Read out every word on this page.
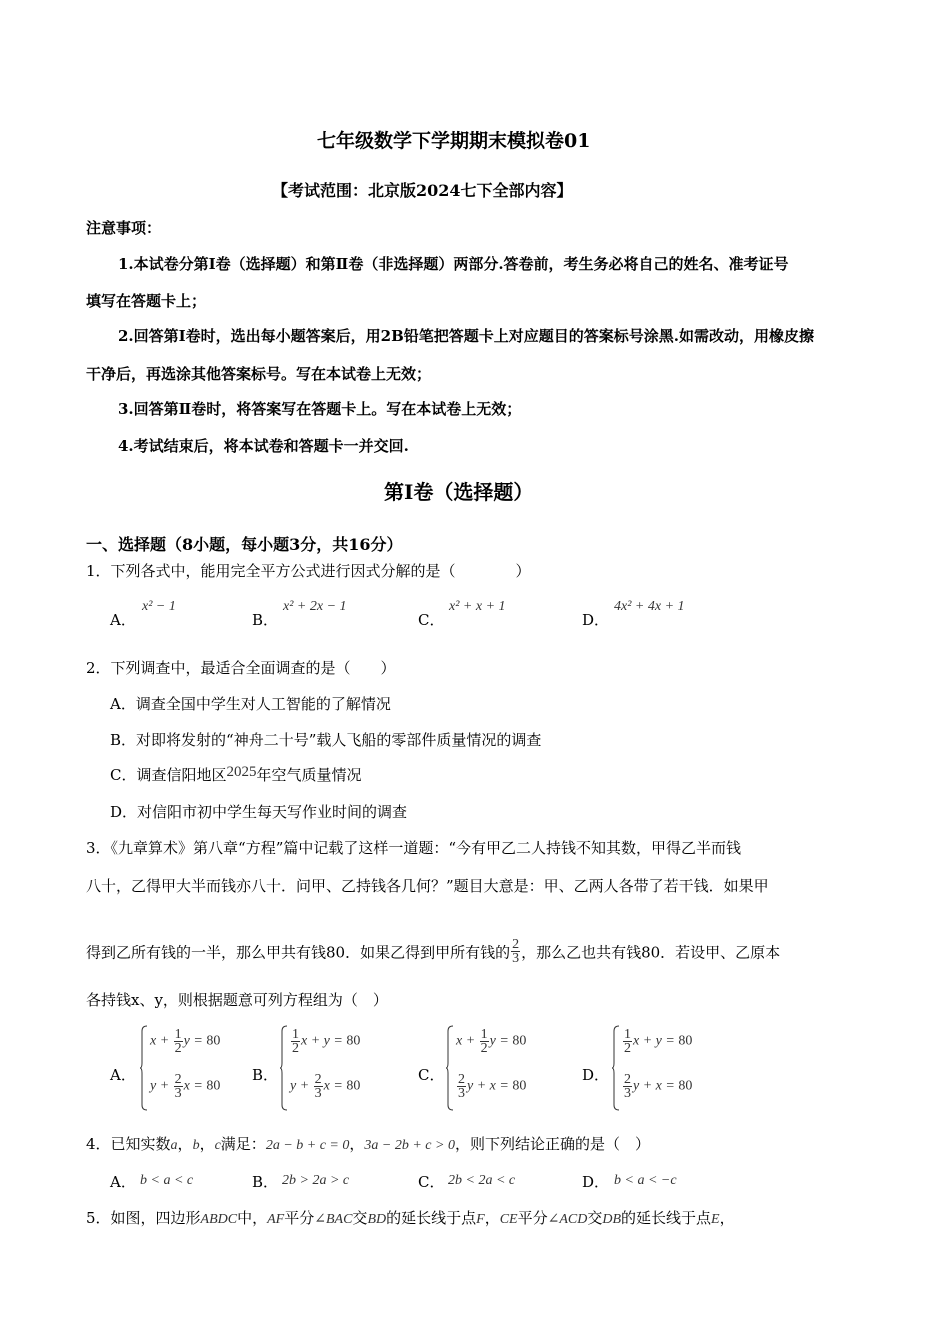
七年级数学下学期期末模拟卷01
【考试范围：北京版2024七下全部内容】
注意事项：
1.本试卷分第Ⅰ卷（选择题）和第Ⅱ卷（非选择题）两部分.答卷前，考生务必将自己的姓名、准考证号
填写在答题卡上；
2.回答第Ⅰ卷时，选出每小题答案后，用2B铅笔把答题卡上对应题目的答案标号涂黑.如需改动，用橡皮擦
干净后，再选涂其他答案标号。写在本试卷上无效；
3.回答第Ⅱ卷时，将答案写在答题卡上。写在本试卷上无效；
4.考试结束后，将本试卷和答题卡一并交回.
第Ⅰ卷（选择题）
一、选择题（8小题，每小题3分，共16分）
1．下列各式中，能用完全平方公式进行因式分解的是（　　　　）
A．
x² − 1
B．
x² + 2x − 1
C．
x² + x + 1
D．
4x² + 4x + 1
2．下列调查中，最适合全面调查的是（　　）
A．调查全国中学生对人工智能的了解情况
B．对即将发射的“神舟二十号”载人飞船的零部件质量情况的调查
C．调查信阳地区2025年空气质量情况
D．对信阳市初中学生每天写作业时间的调查
3．《九章算术》第八章“方程”篇中记载了这样一道题：“今有甲乙二人持钱不知其数，甲得乙半而钱
八十，乙得甲大半而钱亦八十．问甲、乙持钱各几何？”题目大意是：甲、乙两人各带了若干钱．如果甲
得到乙所有钱的一半，那么甲共有钱80．如果乙得到甲所有钱的 $\frac{2}{3}$ ，那么乙也共有钱80．若设甲、乙原本
各持钱x、y，则根据题意可列方程组为（　）
A．
$x + \frac{1}{2}$ y = 80
$y + \frac{2}{3}$ x = 80
B．
$\frac{1}{2}$ x + y = 80
$y + \frac{2}{3}$ x = 80
C．
$x + \frac{1}{2}$ y = 80
$\frac{2}{3}$ y + x = 80
D．
$\frac{1}{2}$ x + y = 80
$\frac{2}{3}$ y + x = 80
4．已知实数a，b，c满足：2a − b + c = 0，3a − 2b + c > 0，则下列结论正确的是（　）
A． b < a < c	B． 2b > 2a > c	C． 2b < 2a < c	D． b < a < −c
5．如图，四边形ABDC中，AF平分∠BAC交BD的延长线于点F，CE平分∠ACD交DB的延长线于点E，
